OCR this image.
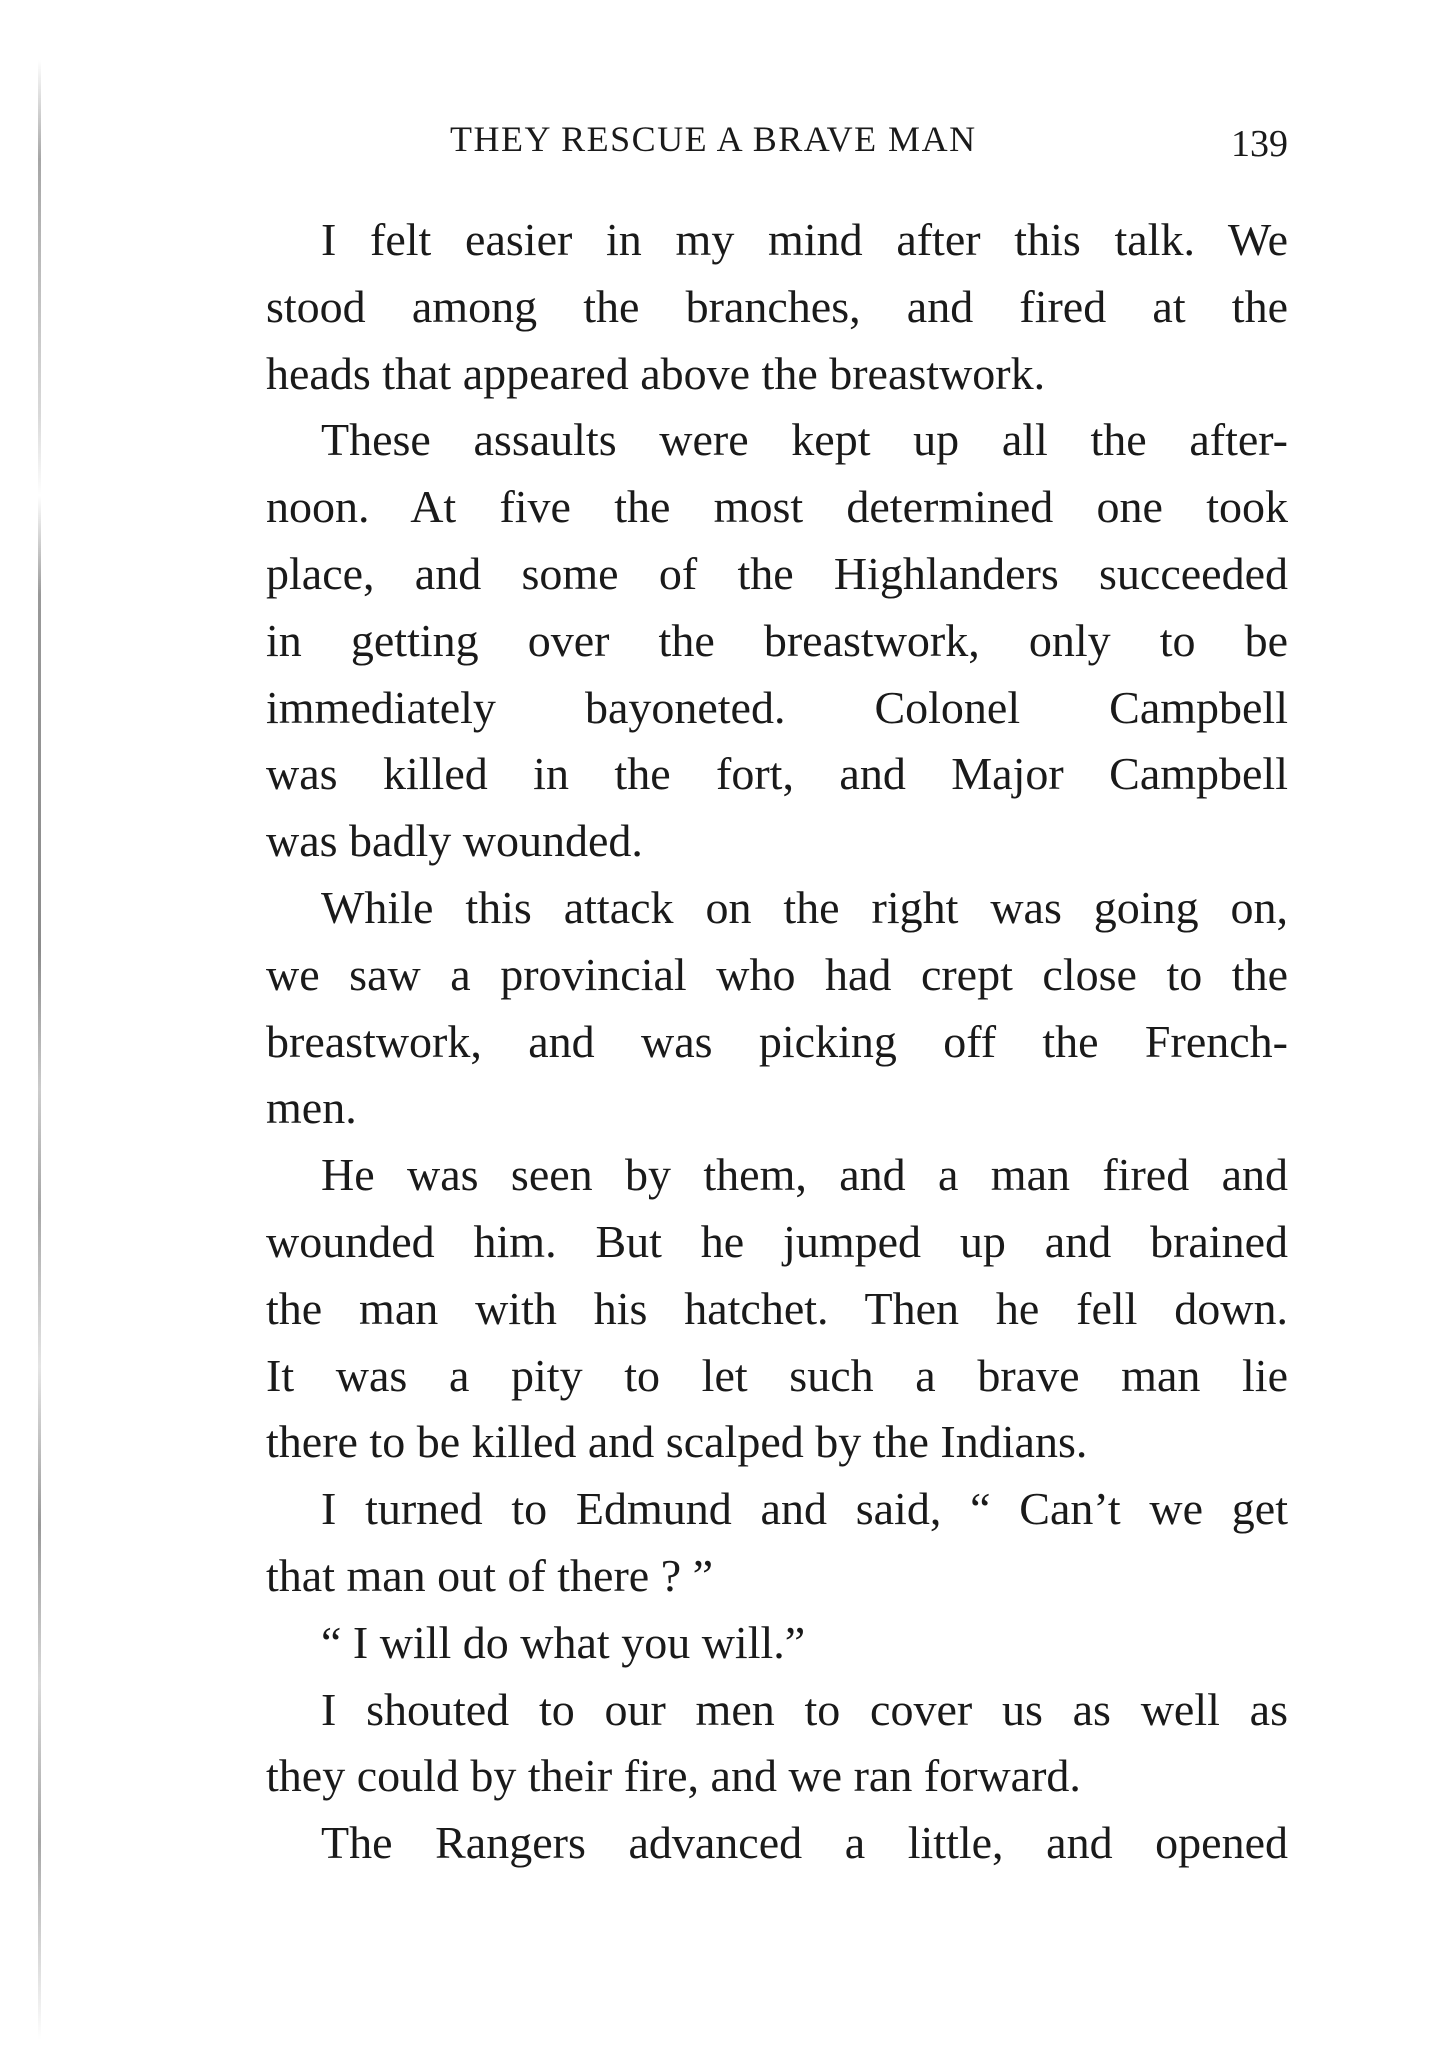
THEY RESCUE A BRAVE MAN	139
I felt easier in my mind after this talk. We
stood among the branches, and fired at the
heads that appeared above the breastwork.
These assaults were kept up all the after-
noon. At five the most determined one took
place, and some of the Highlanders succeeded
in getting over the breastwork, only to be
immediately bayoneted. Colonel Campbell
was killed in the fort, and Major Campbell
was badly wounded.
While this attack on the right was going on,
we saw a provincial who had crept close to the
breastwork, and was picking off the French-
men.
He was seen by them, and a man fired and
wounded him. But he jumped up and brained
the man with his hatchet. Then he fell down.
It was a pity to let such a brave man lie
there to be killed and scalped by the Indians.
I turned to Edmund and said, “ Can’t we get
that man out of there ? ”
“ I will do what you will.”
I shouted to our men to cover us as well as
they could by their fire, and we ran forward.
The Rangers advanced a little, and opened
